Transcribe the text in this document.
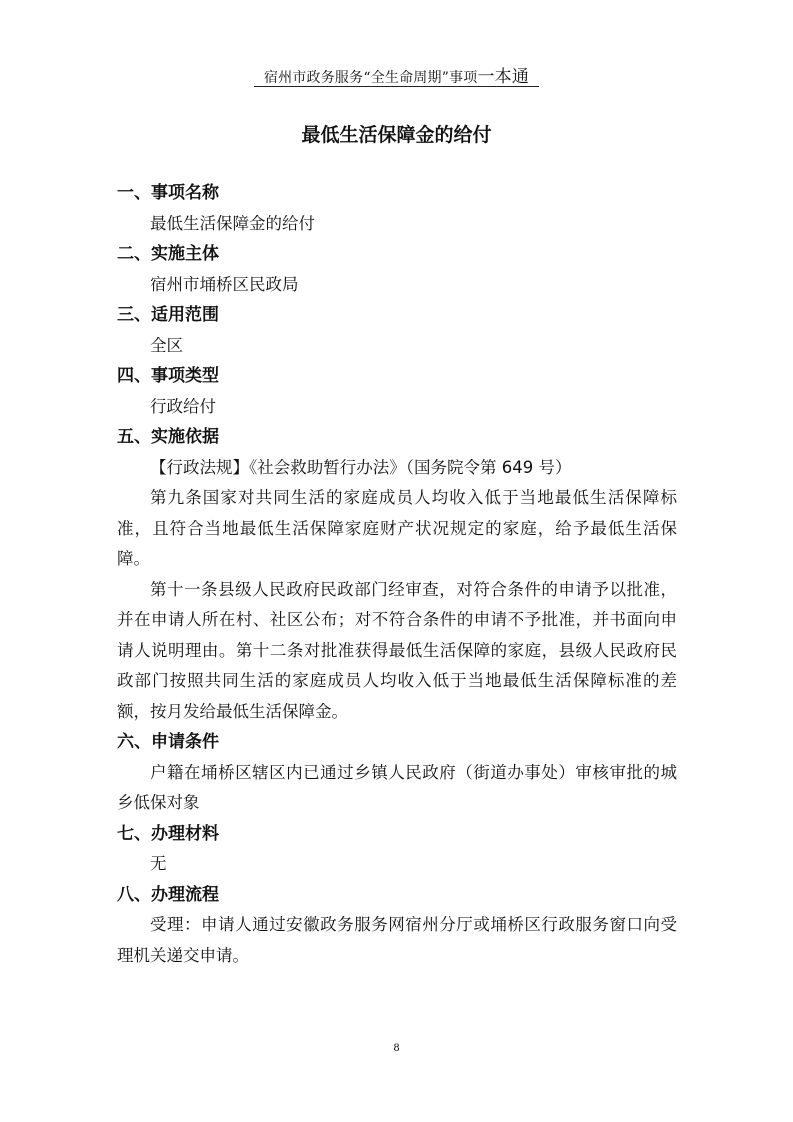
宿州市政务服务“全生命周期”事项一本通
最低生活保障金的给付
一、事项名称
最低生活保障金的给付
二、实施主体
宿州市埇桥区民政局
三、适用范围
全区
四、事项类型
行政给付
五、实施依据
【行政法规】《社会救助暂行办法》（国务院令第 649 号）
第九条国家对共同生活的家庭成员人均收入低于当地最低生活保障标准，且符合当地最低生活保障家庭财产状况规定的家庭，给予最低生活保障。
第十一条县级人民政府民政部门经审查，对符合条件的申请予以批准，并在申请人所在村、社区公布；对不符合条件的申请不予批准，并书面向申请人说明理由。第十二条对批准获得最低生活保障的家庭，县级人民政府民政部门按照共同生活的家庭成员人均收入低于当地最低生活保障标准的差额，按月发给最低生活保障金。
六、申请条件
户籍在埇桥区辖区内已通过乡镇人民政府（街道办事处）审核审批的城乡低保对象
七、办理材料
无
八、办理流程
受理：申请人通过安徽政务服务网宿州分厅或埇桥区行政服务窗口向受理机关递交申请。
8
